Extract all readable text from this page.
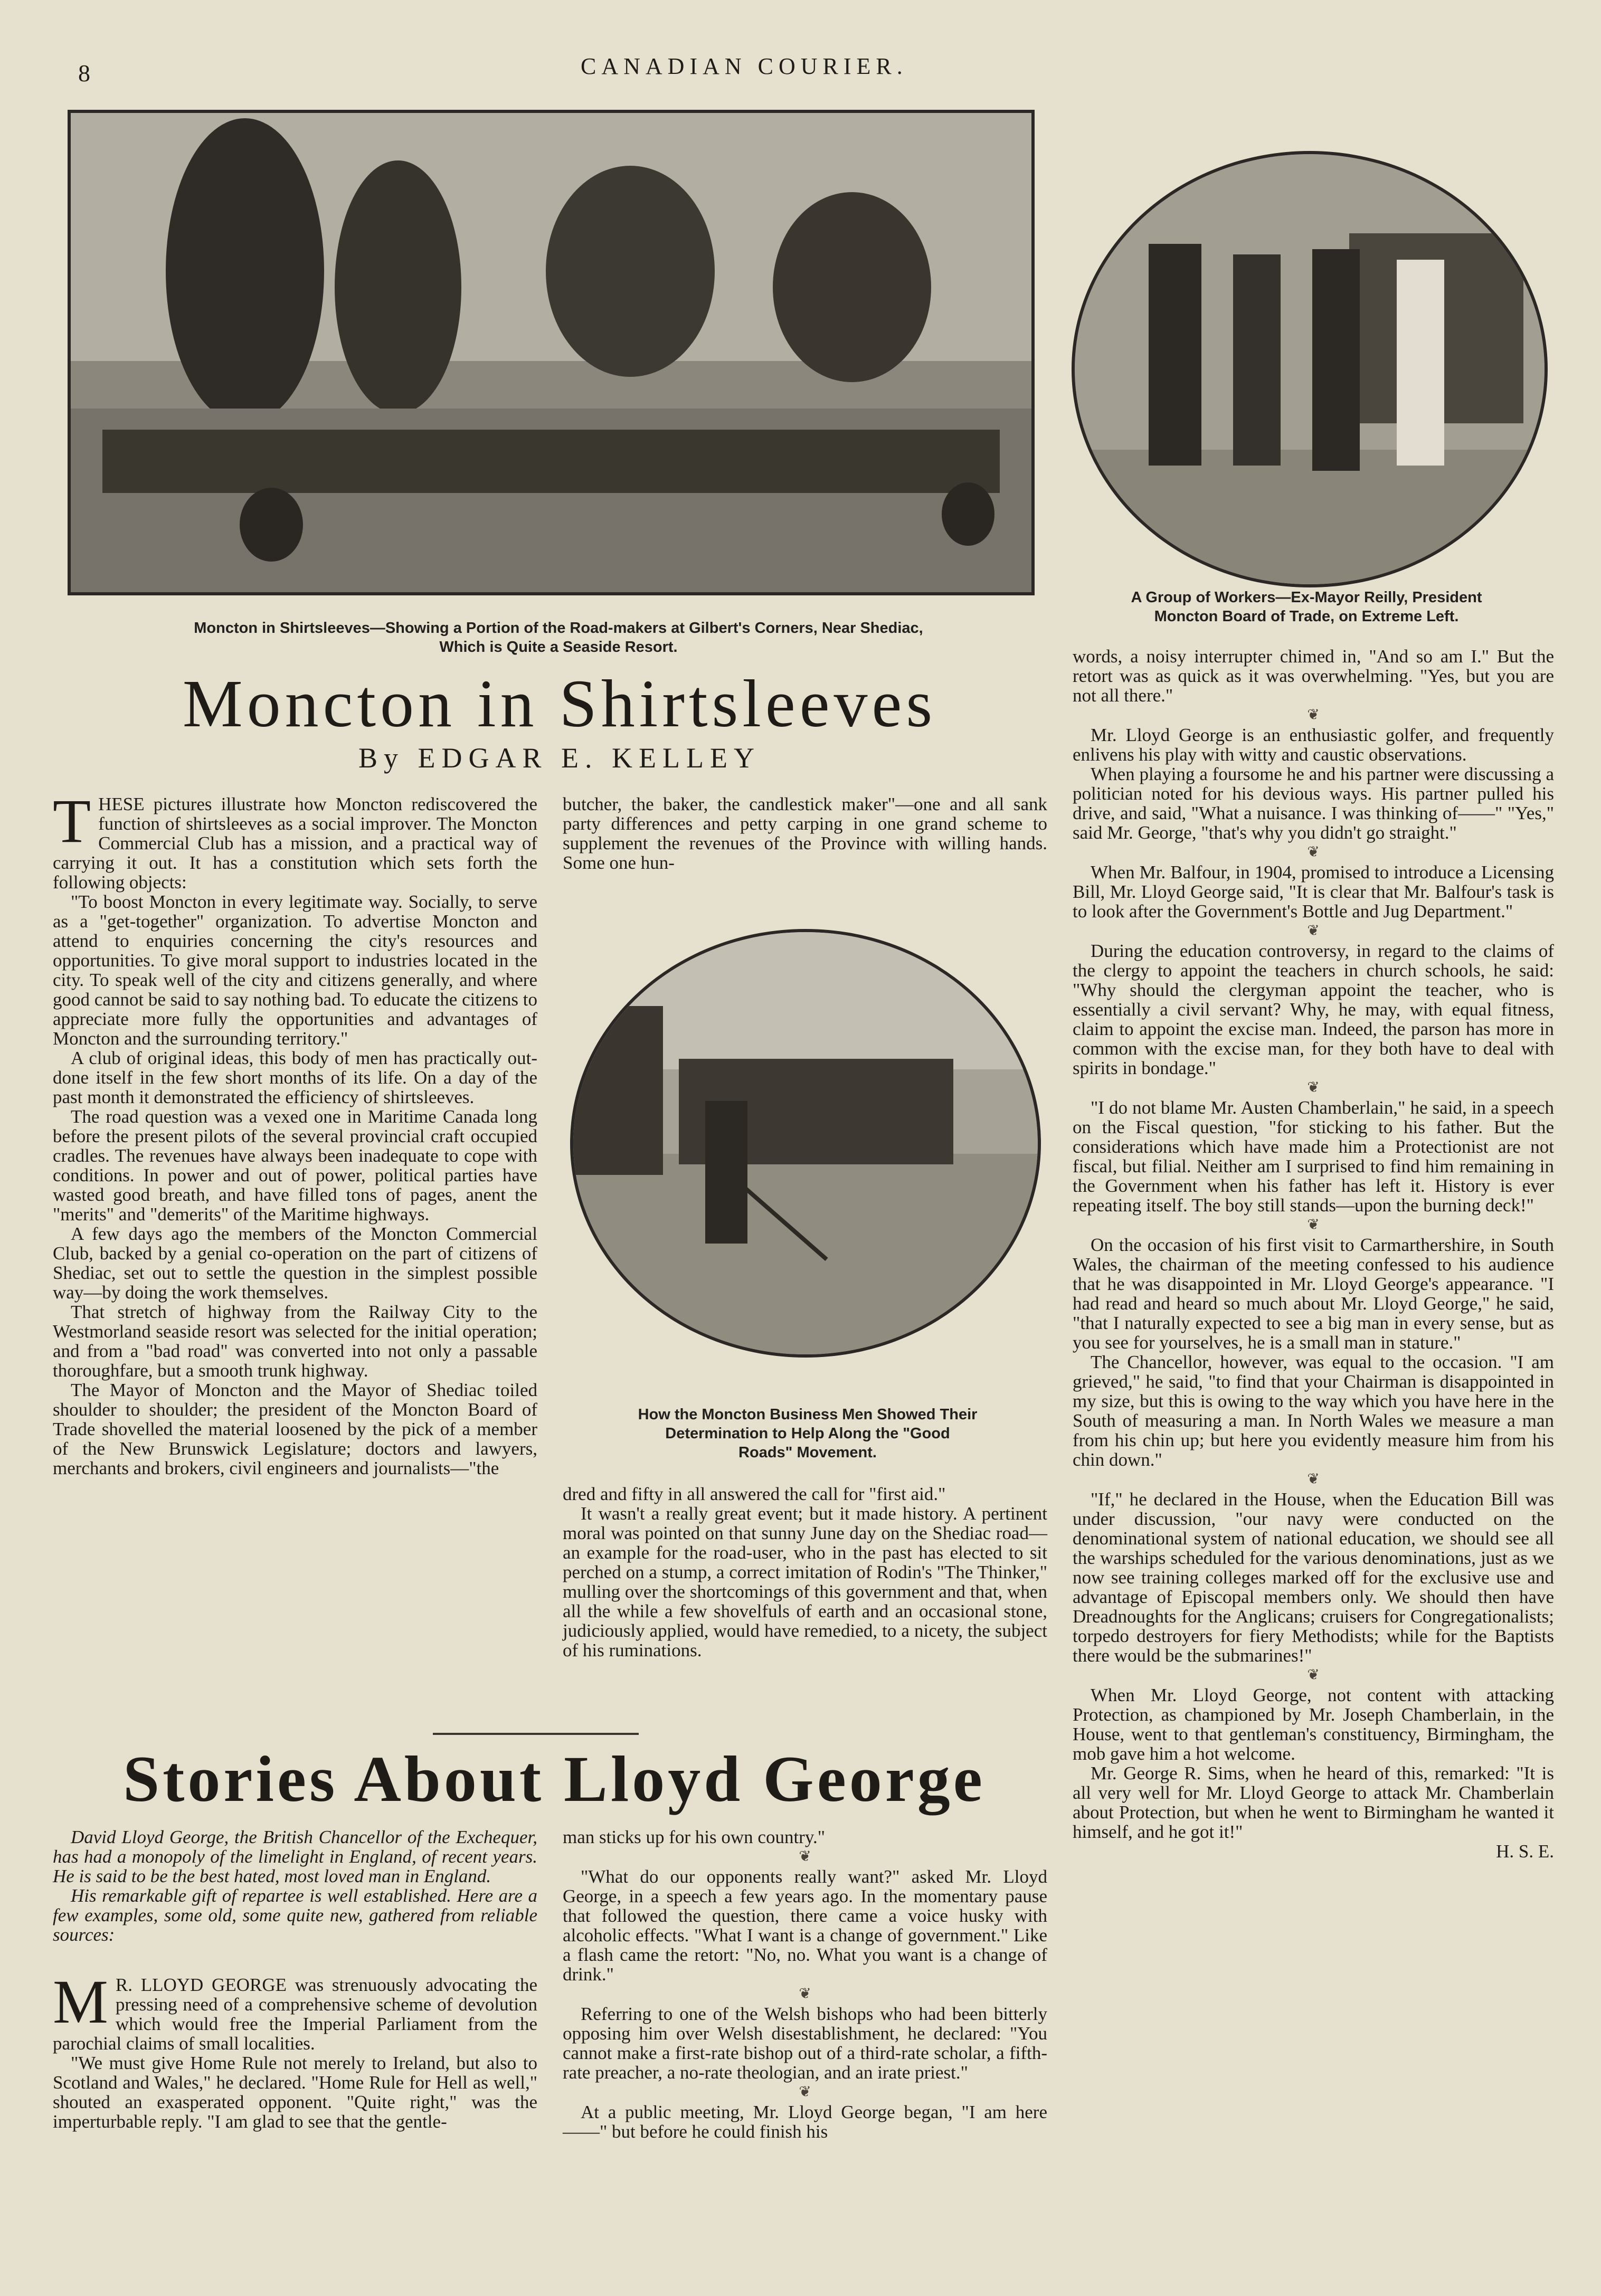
8	CANADIAN COURIER.
Moncton in Shirtsleeves—Showing a Portion of the Road-makers at Gilbert's Corners, Near Shediac,
Which is Quite a Seaside Resort.
A Group of Workers—Ex-Mayor Reilly, President
Moncton Board of Trade, on Extreme Left.
Moncton in Shirtsleeves
By EDGAR E. KELLEY

THESE pictures illustrate how Moncton rediscovered the function of shirtsleeves as a social improver. The Moncton Commercial Club has a mission, and a practical way of carrying it out. It has a constitution which sets forth the following objects:

"To boost Moncton in every legitimate way. Socially, to serve as a "get-together" organization. To advertise Moncton and attend to enquiries concerning the city's resources and opportunities. To give moral support to industries located in the city. To speak well of the city and citizens generally, and where good cannot be said to say nothing bad. To educate the citizens to appreciate more fully the opportunities and advantages of Moncton and the surrounding territory."

A club of original ideas, this body of men has practically out-done itself in the few short months of its life. On a day of the past month it demonstrated the efficiency of shirtsleeves.

The road question was a vexed one in Maritime Canada long before the present pilots of the several provincial craft occupied cradles. The revenues have always been inadequate to cope with conditions. In power and out of power, political parties have wasted good breath, and have filled tons of pages, anent the "merits" and "demerits" of the Maritime highways.

A few days ago the members of the Moncton Commercial Club, backed by a genial co-operation on the part of citizens of Shediac, set out to settle the question in the simplest possible way—by doing the work themselves.

That stretch of highway from the Railway City to the Westmorland seaside resort was selected for the initial operation; and from a "bad road" was converted into not only a passable thoroughfare, but a smooth trunk highway.

The Mayor of Moncton and the Mayor of Shediac toiled shoulder to shoulder; the president of the Moncton Board of Trade shovelled the material loosened by the pick of a member of the New Brunswick Legislature; doctors and lawyers, merchants and brokers, civil engineers and journalists—"the

butcher, the baker, the candlestick maker"—one and all sank party differences and petty carping in one grand scheme to supplement the revenues of the Province with willing hands. Some one hun-

How the Moncton Business Men Showed Their
Determination to Help Along the "Good
Roads" Movement.

dred and fifty in all answered the call for "first aid."

It wasn't a really great event; but it made history. A pertinent moral was pointed on that sunny June day on the Shediac road—an example for the road-user, who in the past has elected to sit perched on a stump, a correct imitation of Rodin's "The Thinker," mulling over the shortcomings of this government and that, when all the while a few shovelfuls of earth and an occasional stone, judiciously applied, would have remedied, to a nicety, the subject of his ruminations.

Stories About Lloyd George

David Lloyd George, the British Chancellor of the Exchequer, has had a monopoly of the limelight in England, of recent years. He is said to be the best hated, most loved man in England.

His remarkable gift of repartee is well established. Here are a few examples, some old, some quite new, gathered from reliable sources:

M R. LLOYD GEORGE was strenuously advocating the pressing need of a comprehensive scheme of devolution which would free the Imperial Parliament from the parochial claims of small localities.

"We must give Home Rule not merely to Ireland, but also to Scotland and Wales," he declared. "Home Rule for Hell as well," shouted an exasperated opponent. "Quite right," was the imperturbable reply. "I am glad to see that the gentle-

man sticks up for his own country."

❦

"What do our opponents really want?" asked Mr. Lloyd George, in a speech a few years ago. In the momentary pause that followed the question, there came a voice husky with alcoholic effects. "What I want is a change of government." Like a flash came the retort: "No, no. What you want is a change of drink."

❦

Referring to one of the Welsh bishops who had been bitterly opposing him over Welsh disestablishment, he declared: "You cannot make a first-rate bishop out of a third-rate scholar, a fifth-rate preacher, a no-rate theologian, and an irate priest."

❦

At a public meeting, Mr. Lloyd George began, "I am here——" but before he could finish his

words, a noisy interrupter chimed in, "And so am I." But the retort was as quick as it was overwhelming. "Yes, but you are not all there."

❦

Mr. Lloyd George is an enthusiastic golfer, and frequently enlivens his play with witty and caustic observations.

When playing a foursome he and his partner were discussing a politician noted for his devious ways. His partner pulled his drive, and said, "What a nuisance. I was thinking of——" "Yes," said Mr. George, "that's why you didn't go straight."

❦

When Mr. Balfour, in 1904, promised to introduce a Licensing Bill, Mr. Lloyd George said, "It is clear that Mr. Balfour's task is to look after the Government's Bottle and Jug Department."

❦

During the education controversy, in regard to the claims of the clergy to appoint the teachers in church schools, he said: "Why should the clergyman appoint the teacher, who is essentially a civil servant? Why, he may, with equal fitness, claim to appoint the excise man. Indeed, the parson has more in common with the excise man, for they both have to deal with spirits in bondage."

❦

"I do not blame Mr. Austen Chamberlain," he said, in a speech on the Fiscal question, "for sticking to his father. But the considerations which have made him a Protectionist are not fiscal, but filial. Neither am I surprised to find him remaining in the Government when his father has left it. History is ever repeating itself. The boy still stands—upon the burning deck!"

❦

On the occasion of his first visit to Carmarthershire, in South Wales, the chairman of the meeting confessed to his audience that he was disappointed in Mr. Lloyd George's appearance. "I had read and heard so much about Mr. Lloyd George," he said, "that I naturally expected to see a big man in every sense, but as you see for yourselves, he is a small man in stature."

The Chancellor, however, was equal to the occasion. "I am grieved," he said, "to find that your Chairman is disappointed in my size, but this is owing to the way which you have here in the South of measuring a man. In North Wales we measure a man from his chin up; but here you evidently measure him from his chin down."

❦

"If," he declared in the House, when the Education Bill was under discussion, "our navy were conducted on the denominational system of national education, we should see all the warships scheduled for the various denominations, just as we now see training colleges marked off for the exclusive use and advantage of Episcopal members only. We should then have Dreadnoughts for the Anglicans; cruisers for Congregationalists; torpedo destroyers for fiery Methodists; while for the Baptists there would be the submarines!"

❦

When Mr. Lloyd George, not content with attacking Protection, as championed by Mr. Joseph Chamberlain, in the House, went to that gentleman's constituency, Birmingham, the mob gave him a hot welcome.

Mr. George R. Sims, when he heard of this, remarked: "It is all very well for Mr. Lloyd George to attack Mr. Chamberlain about Protection, but when he went to Birmingham he wanted it himself, and he got it!"

H. S. E.
